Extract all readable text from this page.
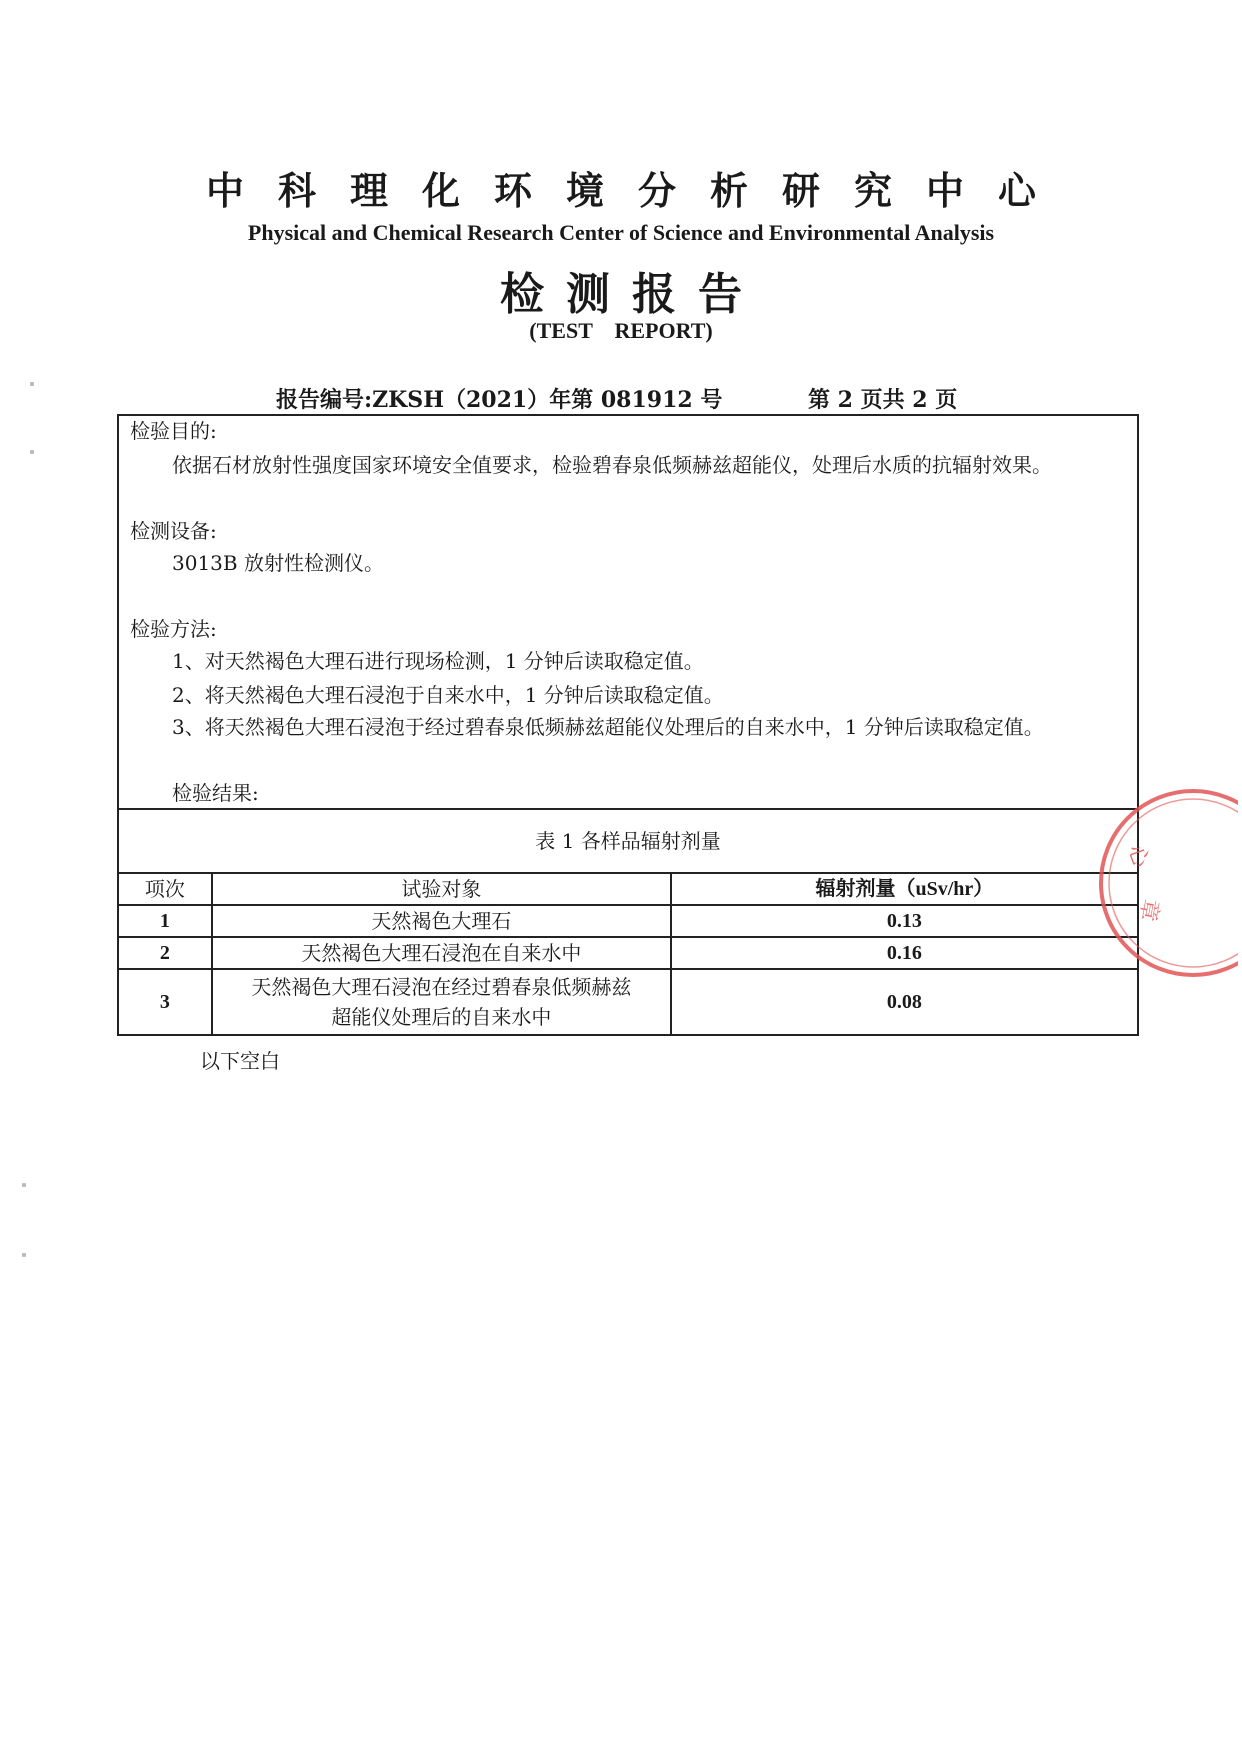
中科理化环境分析研究中心
Physical and Chemical Research Center of Science and Environmental Analysis
检测报告
(TEST    REPORT)
报告编号:ZKSH（2021）年第 081912 号	第 2 页共 2 页
检验目的:
依据石材放射性强度国家环境安全值要求，检验碧春泉低频赫兹超能仪，处理后水质的抗辐射效果。
检测设备:
3013B 放射性检测仪。
检验方法:
1、对天然褐色大理石进行现场检测，1 分钟后读取稳定值。
2、将天然褐色大理石浸泡于自来水中，1 分钟后读取稳定值。
3、将天然褐色大理石浸泡于经过碧春泉低频赫兹超能仪处理后的自来水中，1 分钟后读取稳定值。
检验结果:
表 1 各样品辐射剂量		
项次	试验对象	辐射剂量（uSv/hr）
1	天然褐色大理石	0.13
2	天然褐色大理石浸泡在自来水中	0.16
3	天然褐色大理石浸泡在经过碧春泉低频赫兹
超能仪处理后的自来水中	0.08
以下空白
心
章
